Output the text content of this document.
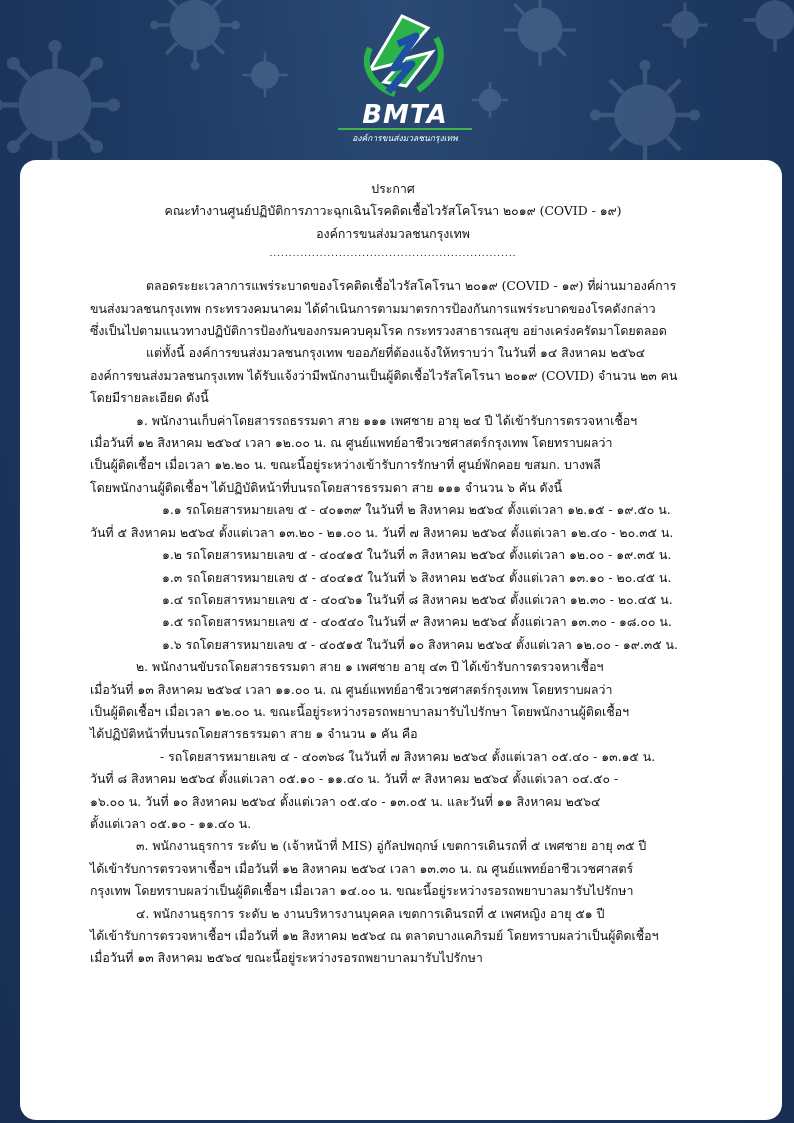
BMTA
องค์การขนส่งมวลชนกรุงเทพ
ประกาศ
คณะทำงานศูนย์ปฏิบัติการภาวะฉุกเฉินโรคติดเชื้อไวรัสโคโรนา ๒๐๑๙ (COVID - ๑๙)
องค์การขนส่งมวลชนกรุงเทพ
................................................................
ตลอดระยะเวลาการแพร่ระบาดของโรคติดเชื้อไวรัสโคโรนา ๒๐๑๙ (COVID - ๑๙) ที่ผ่านมาองค์การ
ขนส่งมวลชนกรุงเทพ กระทรวงคมนาคม ได้ดำเนินการตามมาตรการป้องกันการแพร่ระบาดของโรคดังกล่าว
ซึ่งเป็นไปตามแนวทางปฏิบัติการป้องกันของกรมควบคุมโรค กระทรวงสาธารณสุข อย่างเคร่งครัดมาโดยตลอด
แต่ทั้งนี้ องค์การขนส่งมวลชนกรุงเทพ ขออภัยที่ต้องแจ้งให้ทราบว่า ในวันที่ ๑๔ สิงหาคม ๒๕๖๔
องค์การขนส่งมวลชนกรุงเทพ ได้รับแจ้งว่ามีพนักงานเป็นผู้ติดเชื้อไวรัสโคโรนา ๒๐๑๙ (COVID) จำนวน ๒๓ คน
โดยมีรายละเอียด ดังนี้
๑. พนักงานเก็บค่าโดยสารรถธรรมดา สาย ๑๑๑ เพศชาย อายุ ๒๔ ปี ได้เข้ารับการตรวจหาเชื้อฯ
เมื่อวันที่ ๑๒ สิงหาคม ๒๕๖๔ เวลา ๑๒.๐๐ น. ณ ศูนย์แพทย์อาชีวเวชศาสตร์กรุงเทพ โดยทราบผลว่า
เป็นผู้ติดเชื้อฯ เมื่อเวลา ๑๒.๒๐ น. ขณะนี้อยู่ระหว่างเข้ารับการรักษาที่ ศูนย์พักคอย ขสมก. บางพลี
โดยพนักงานผู้ติดเชื้อฯ ได้ปฏิบัติหน้าที่บนรถโดยสารธรรมดา สาย ๑๑๑ จำนวน ๖ คัน ดังนี้
๑.๑ รถโดยสารหมายเลข ๕ - ๔๐๑๓๙ ในวันที่ ๒ สิงหาคม ๒๕๖๔ ตั้งแต่เวลา ๑๒.๑๕ - ๑๙.๕๐ น.
วันที่ ๕ สิงหาคม ๒๕๖๔ ตั้งแต่เวลา ๑๓.๒๐ - ๒๑.๐๐ น. วันที่ ๗ สิงหาคม ๒๕๖๔ ตั้งแต่เวลา ๑๒.๔๐ - ๒๐.๓๕ น.
๑.๒ รถโดยสารหมายเลข ๕ - ๔๐๔๑๕ ในวันที่ ๓ สิงหาคม ๒๕๖๔ ตั้งแต่เวลา ๑๒.๐๐ - ๑๙.๓๕ น.
๑.๓ รถโดยสารหมายเลข ๕ - ๔๐๔๑๕ ในวันที่ ๖ สิงหาคม ๒๕๖๔ ตั้งแต่เวลา ๑๓.๑๐ - ๒๐.๔๕ น.
๑.๔ รถโดยสารหมายเลข ๕ - ๔๐๔๖๑ ในวันที่ ๘ สิงหาคม ๒๕๖๔ ตั้งแต่เวลา ๑๒.๓๐ - ๒๐.๔๕ น.
๑.๕ รถโดยสารหมายเลข ๕ - ๔๐๕๔๐ ในวันที่ ๙ สิงหาคม ๒๕๖๔ ตั้งแต่เวลา ๑๓.๓๐ - ๑๘.๐๐ น.
๑.๖ รถโดยสารหมายเลข ๕ - ๔๐๕๑๕ ในวันที่ ๑๐ สิงหาคม ๒๕๖๔ ตั้งแต่เวลา ๑๒.๐๐ - ๑๙.๓๕ น.
๒. พนักงานขับรถโดยสารธรรมดา สาย ๑ เพศชาย อายุ ๔๓ ปี ได้เข้ารับการตรวจหาเชื้อฯ
เมื่อวันที่ ๑๓ สิงหาคม ๒๕๖๔ เวลา ๑๑.๐๐ น. ณ ศูนย์แพทย์อาชีวเวชศาสตร์กรุงเทพ โดยทราบผลว่า
เป็นผู้ติดเชื้อฯ เมื่อเวลา ๑๒.๐๐ น. ขณะนี้อยู่ระหว่างรอรถพยาบาลมารับไปรักษา โดยพนักงานผู้ติดเชื้อฯ
ได้ปฏิบัติหน้าที่บนรถโดยสารธรรมดา สาย ๑ จำนวน ๑ คัน คือ
- รถโดยสารหมายเลข ๔ - ๔๐๓๖๘ ในวันที่ ๗ สิงหาคม ๒๕๖๔ ตั้งแต่เวลา ๐๕.๔๐ - ๑๓.๑๕ น.
วันที่ ๘ สิงหาคม ๒๕๖๔ ตั้งแต่เวลา ๐๕.๑๐ - ๑๑.๔๐ น. วันที่ ๙ สิงหาคม ๒๕๖๔ ตั้งแต่เวลา ๐๔.๕๐ -
๑๖.๐๐ น. วันที่ ๑๐ สิงหาคม ๒๕๖๔ ตั้งแต่เวลา ๐๕.๔๐ - ๑๓.๐๕ น. และวันที่ ๑๑ สิงหาคม ๒๕๖๔
ตั้งแต่เวลา ๐๕.๑๐ - ๑๑.๔๐ น.
๓. พนักงานธุรการ ระดับ ๒ (เจ้าหน้าที่ MIS) อู่กัลปพฤกษ์ เขตการเดินรถที่ ๕ เพศชาย อายุ ๓๕ ปี
ได้เข้ารับการตรวจหาเชื้อฯ เมื่อวันที่ ๑๒ สิงหาคม ๒๕๖๔ เวลา ๑๓.๓๐ น. ณ ศูนย์แพทย์อาชีวเวชศาสตร์
กรุงเทพ โดยทราบผลว่าเป็นผู้ติดเชื้อฯ เมื่อเวลา ๑๔.๐๐ น. ขณะนี้อยู่ระหว่างรอรถพยาบาลมารับไปรักษา
๔. พนักงานธุรการ ระดับ ๒ งานบริหารงานบุคคล เขตการเดินรถที่ ๕ เพศหญิง อายุ ๕๑ ปี
ได้เข้ารับการตรวจหาเชื้อฯ เมื่อวันที่ ๑๒ สิงหาคม ๒๕๖๔ ณ ตลาดบางแคภิรมย์ โดยทราบผลว่าเป็นผู้ติดเชื้อฯ
เมื่อวันที่ ๑๓ สิงหาคม ๒๕๖๔ ขณะนี้อยู่ระหว่างรอรถพยาบาลมารับไปรักษา
